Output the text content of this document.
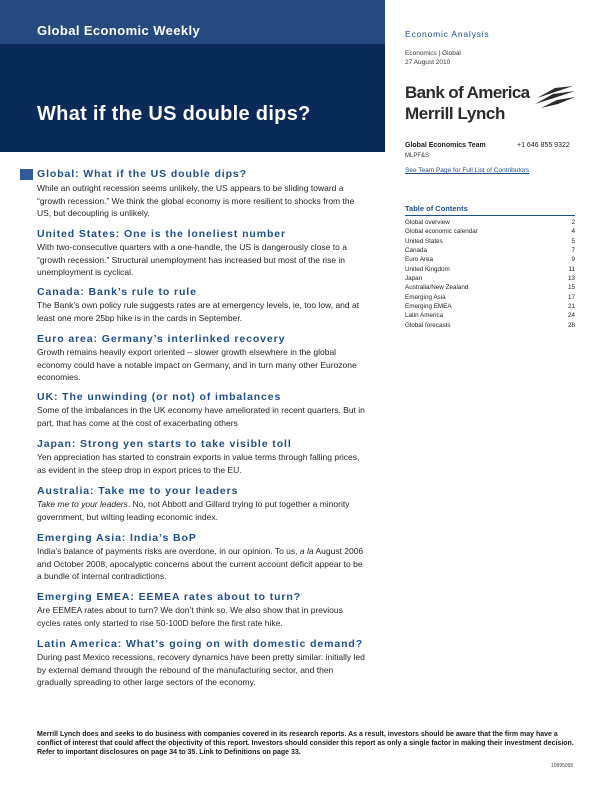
Global Economic Weekly
What if the US double dips?
Economic Analysis
Economics | Global
27 August 2010
Bank of America
Merrill Lynch
Global Economics Team	+1 646 855 9322
MLPF&S
See Team Page for Full List of Contributors
Table of Contents
Global overview	2
Global economic calendar	4
United States	5
Canada	7
Euro Area	9
United Kingdom	11
Japan	13
Australia/New Zealand	15
Emerging Asia	17
Emerging EMEA	21
Latin America	24
Global forecasts	28
Global: What if the US double dips?
While an outright recession seems unlikely, the US appears to be sliding toward a “growth recession.” We think the global economy is more resilient to shocks from the US, but decoupling is unlikely.
United States: One is the loneliest number
With two-consecutive quarters with a one-handle, the US is dangerously close to a “growth recession.” Structural unemployment has increased but most of the rise in unemployment is cyclical.
Canada: Bank’s rule to rule
The Bank’s own policy rule suggests rates are at emergency levels, ie, too low, and at least one more 25bp hike is in the cards in September.
Euro area: Germany’s interlinked recovery
Growth remains heavily export oriented – slower growth elsewhere in the global economy could have a notable impact on Germany, and in turn many other Eurozone economies.
UK: The unwinding (or not) of imbalances
Some of the imbalances in the UK economy have ameliorated in recent quarters. But in part, that has come at the cost of exacerbating others
Japan: Strong yen starts to take visible toll
Yen appreciation has started to constrain exports in value terms through falling prices, as evident in the steep drop in export prices to the EU.
Australia: Take me to your leaders
Take me to your leaders. No, not Abbott and Gillard trying to put together a minority government, but wilting leading economic index.
Emerging Asia: India’s BoP
India’s balance of payments risks are overdone, in our opinion. To us, a la August 2006 and October 2008, apocalyptic concerns about the current account deficit appear to be a bundle of internal contradictions.
Emerging EMEA: EEMEA rates about to turn?
Are EEMEA rates about to turn? We don’t think so. We also show that in previous cycles rates only started to rise 50-100D before the first rate hike.
Latin America: What’s going on with domestic demand?
During past Mexico recessions, recovery dynamics have been pretty similar: initially led by external demand through the rebound of the manufacturing sector, and then gradually spreading to other large sectors of the economy.
Merrill Lynch does and seeks to do business with companies covered in its research reports. As a result, investors should be aware that the firm may have a conflict of interest that could affect the objectivity of this report. Investors should consider this report as only a single factor in making their investment decision.
Refer to important disclosures on page 34 to 35. Link to Definitions on page 33.
10895095
